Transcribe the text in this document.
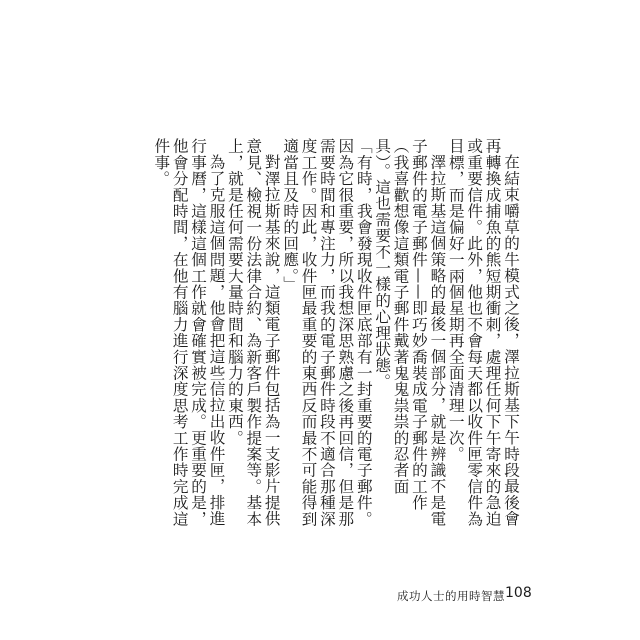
在結束嚼草的牛模式之後，澤拉斯基下午時段最後會再轉換成捕魚的熊短期衝刺，處理任何下午寄來的急迫或重要信件。此外，他也不會每天都以收件匣零信件為目標，而是偏好一兩個星期再全面清理一次。

澤拉斯基這個策略的最後一個部分，就是辨識不是電子郵件的電子郵件——即巧妙喬裝成電子郵件的工作（我喜歡想像這類電子郵件戴著鬼鬼祟祟的忍者面具）。這也需要不一樣的心理狀態。

「有時，我會發現收件匣底部有一封重要的電子郵件。因為它很重要，所以我想深思熟慮之後再回信，但是那需要時間和專注力，而我的電子郵件時段不適合那種深度工作。因此，收件匣最重要的東西反而最不可能得到適當且及時的回應。」

對澤拉斯基來說，這類電子郵件包括為一支影片提供意見、檢視一份法律合約、為新客戶製作提案等。基本上，就是任何需要大量時間和腦力的東西。

為了克服這個問題，他會把這些信拉出收件匣，排進行事曆，這樣這個工作就會確實被完成。更重要的是，他會分配時間，在他有腦力進行深度思考工作時完成這件事。

成功人士的用時智慧 108
